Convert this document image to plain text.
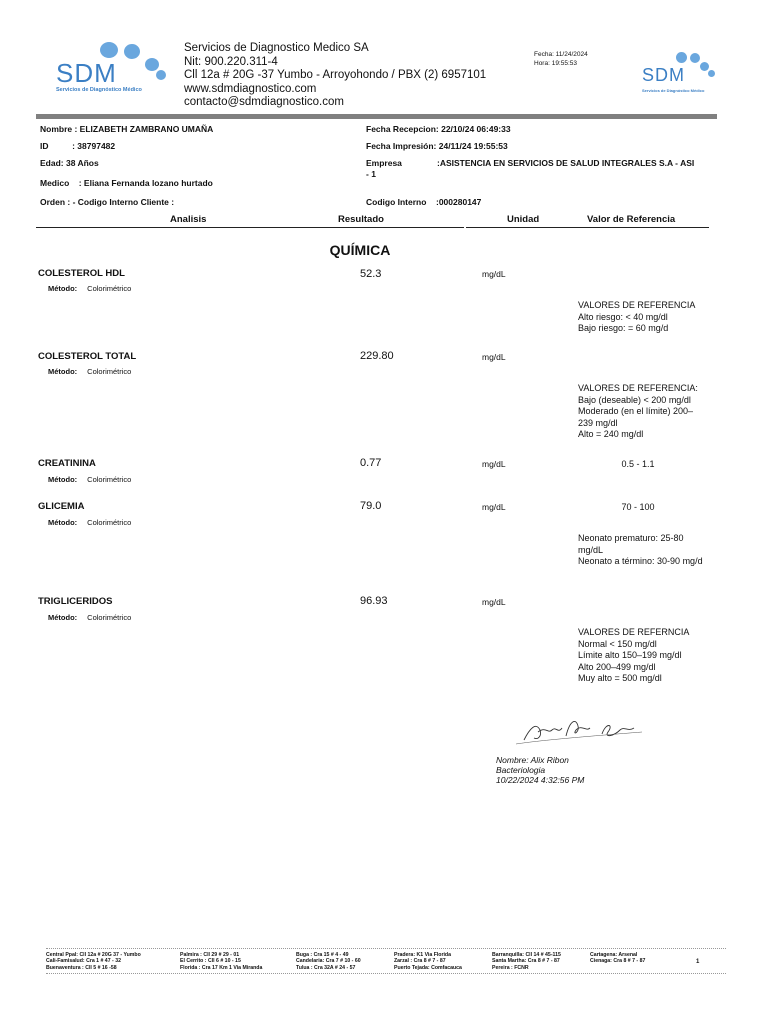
SDM
Servicios de Diagnóstico Médico
Servicios de Diagnostico Medico SA
Nit: 900.220.311-4
Cll 12a # 20G -37 Yumbo - Arroyohondo / PBX (2) 6957101
www.sdmdiagnostico.com
contacto@sdmdiagnostico.com
Fecha: 11/24/2024
Hora: 19:55:53
SDM
Servicios de Diagnóstico Médico
Nombre : ELIZABETH ZAMBRANO UMAÑA
ID          : 38797482
Edad: 38 Años
Medico    : Eliana Fernanda lozano hurtado
Orden : - Codigo Interno Cliente :
Fecha Recepcion: 22/10/24 06:49:33
Fecha Impresión: 24/11/24 19:55:53
Empresa	:ASISTENCIA EN SERVICIOS DE SALUD INTEGRALES S.A - ASI
- 1
Codigo Interno :000280147
Analisis	Resultado	Unidad	Valor de Referencia
QUÍMICA
COLESTEROL HDL
Método: Colorimétrico
52.3	mg/dL
VALORES DE REFERENCIA
Alto riesgo: < 40 mg/dl
Bajo riesgo: = 60 mg/d
COLESTEROL TOTAL
Método: Colorimétrico
229.80	mg/dL
VALORES DE REFERENCIA:
Bajo (deseable) < 200 mg/dl
Moderado (en el límite) 200–
239 mg/dl
Alto = 240 mg/dl
CREATININA
Método: Colorimétrico
0.77	mg/dL	0.5 - 1.1
GLICEMIA
Método: Colorimétrico
79.0	mg/dL	70 - 100
Neonato prematuro: 25-80
mg/dL
Neonato a término: 30-90 mg/d
TRIGLICERIDOS
Método: Colorimétrico
96.93	mg/dL
VALORES DE REFERNCIA
Normal < 150 mg/dl
Límite alto 150–199 mg/dl
Alto 200–499 mg/dl
Muy alto = 500 mg/dl
Nombre: Alix Ribon
Bacteriologia
10/22/2024 4:32:56 PM
Central Ppal: Cll 12a # 20G 37 - Yumbo
Cali-Famisalud: Cra 1 # 47 - 32
Buenaventura : Cll 5 # 16 -58
Palmira : Cll 29 # 29 - 01
El Cerrito : Cll 6 # 10 - 15
Florida : Cra 17 Km 1 Via Miranda
Buga : Cra 15 # 4 - 49
Candelaria: Cra 7 # 10 - 60
Tulua : Cra 32A # 24 - 57
Pradera: K1 Via Florida
Zarzal : Cra 8 # 7 - 87
Puerto Tejada: Comfacauca
Barranquilla: Cll 14 # 45-115
Santa Martha: Cra 8 # 7 - 87
Pereira : FCNR
Cartagena: Arsenal
Cienaga: Cra 8 # 7 - 87	1
